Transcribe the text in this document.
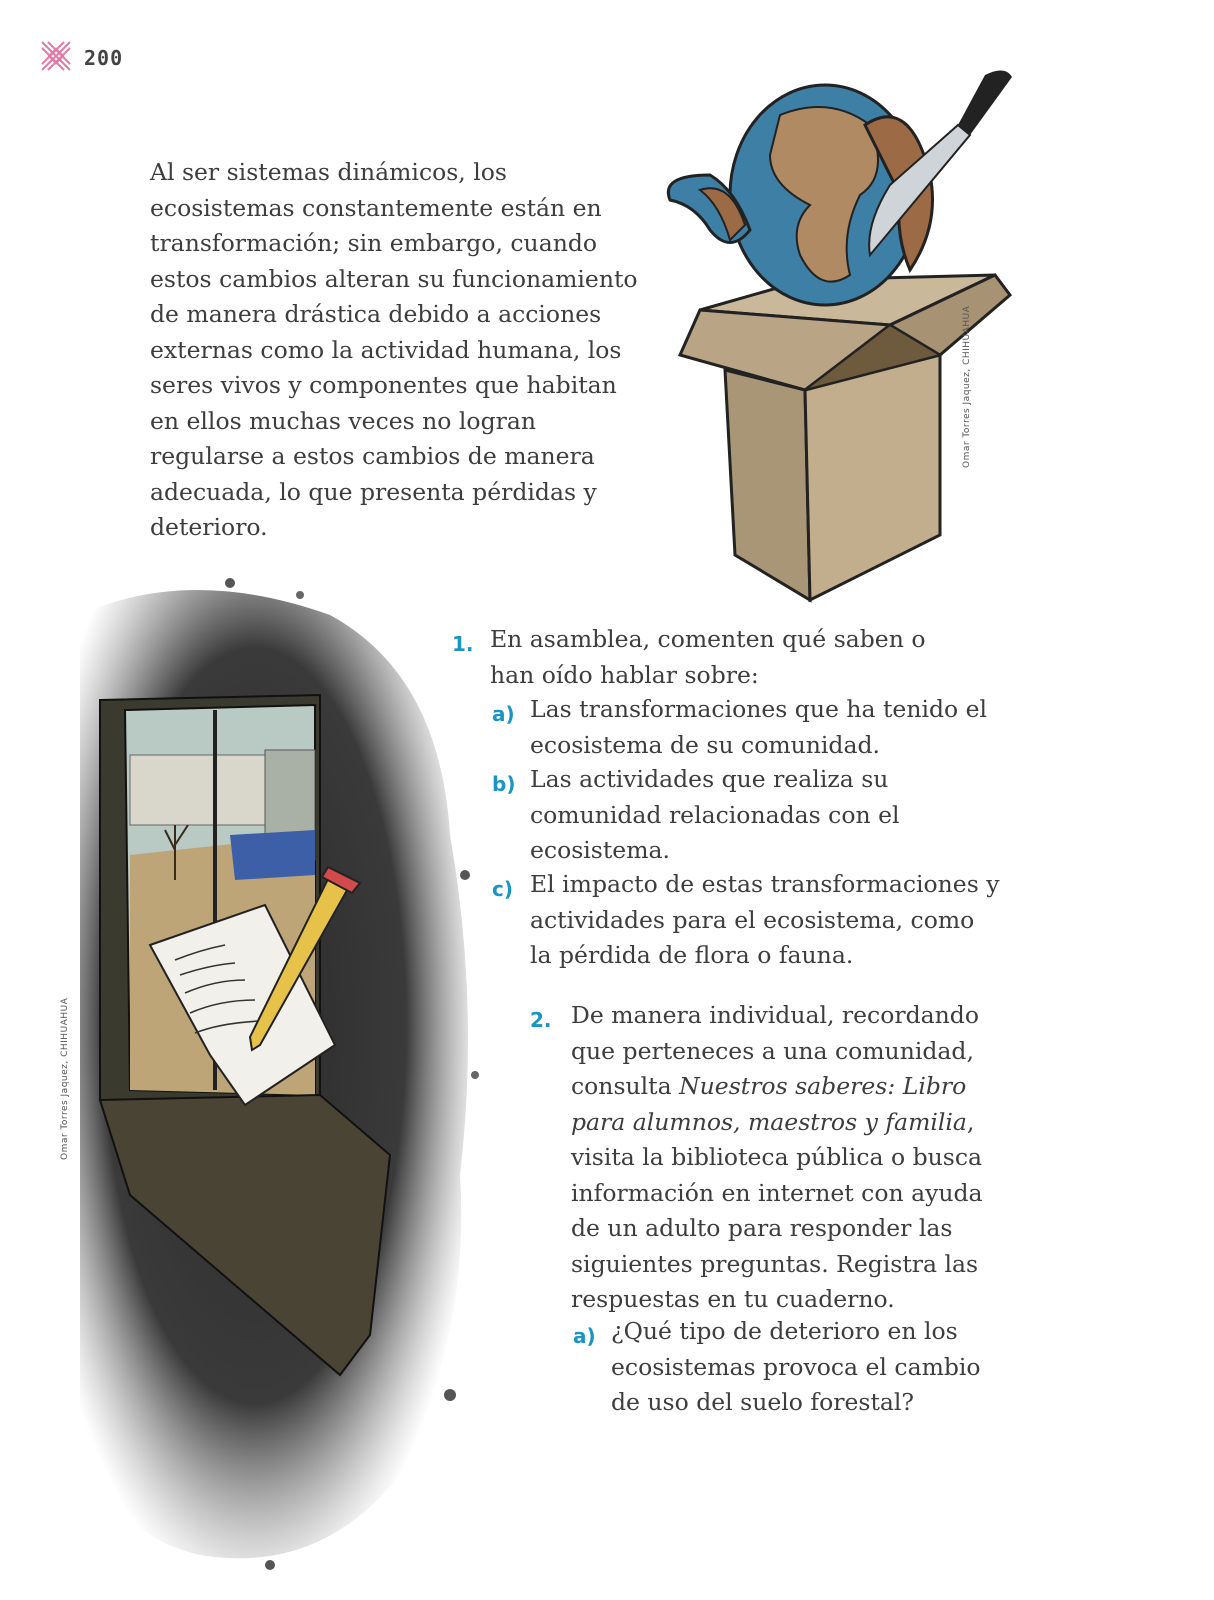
200

Al ser sistemas dinámicos, los ecosistemas constantemente están en transformación; sin embargo, cuando estos cambios alteran su funcionamiento de manera drástica debido a acciones externas como la actividad humana, los seres vivos y componentes que habitan en ellos muchas veces no logran regularse a estos cambios de manera adecuada, lo que presenta pérdidas y deterioro.

Omar Torres Jaquez, CHIHUAHUA
Omar Torres Jaquez, CHIHUAHUA
1. En asamblea, comenten qué saben o han oído hablar sobre:

a) Las transformaciones que ha tenido el ecosistema de su comunidad.

b) Las actividades que realiza su comunidad relacionadas con el ecosistema.

c) El impacto de estas transformaciones y actividades para el ecosistema, como la pérdida de flora o fauna.

2. De manera individual, recordando que perteneces a una comunidad, consulta Nuestros saberes: Libro para alumnos, maestros y familia, visita la biblioteca pública o busca información en internet con ayuda de un adulto para responder las siguientes preguntas. Registra las respuestas en tu cuaderno.

a) ¿Qué tipo de deterioro en los ecosistemas provoca el cambio de uso del suelo forestal?
